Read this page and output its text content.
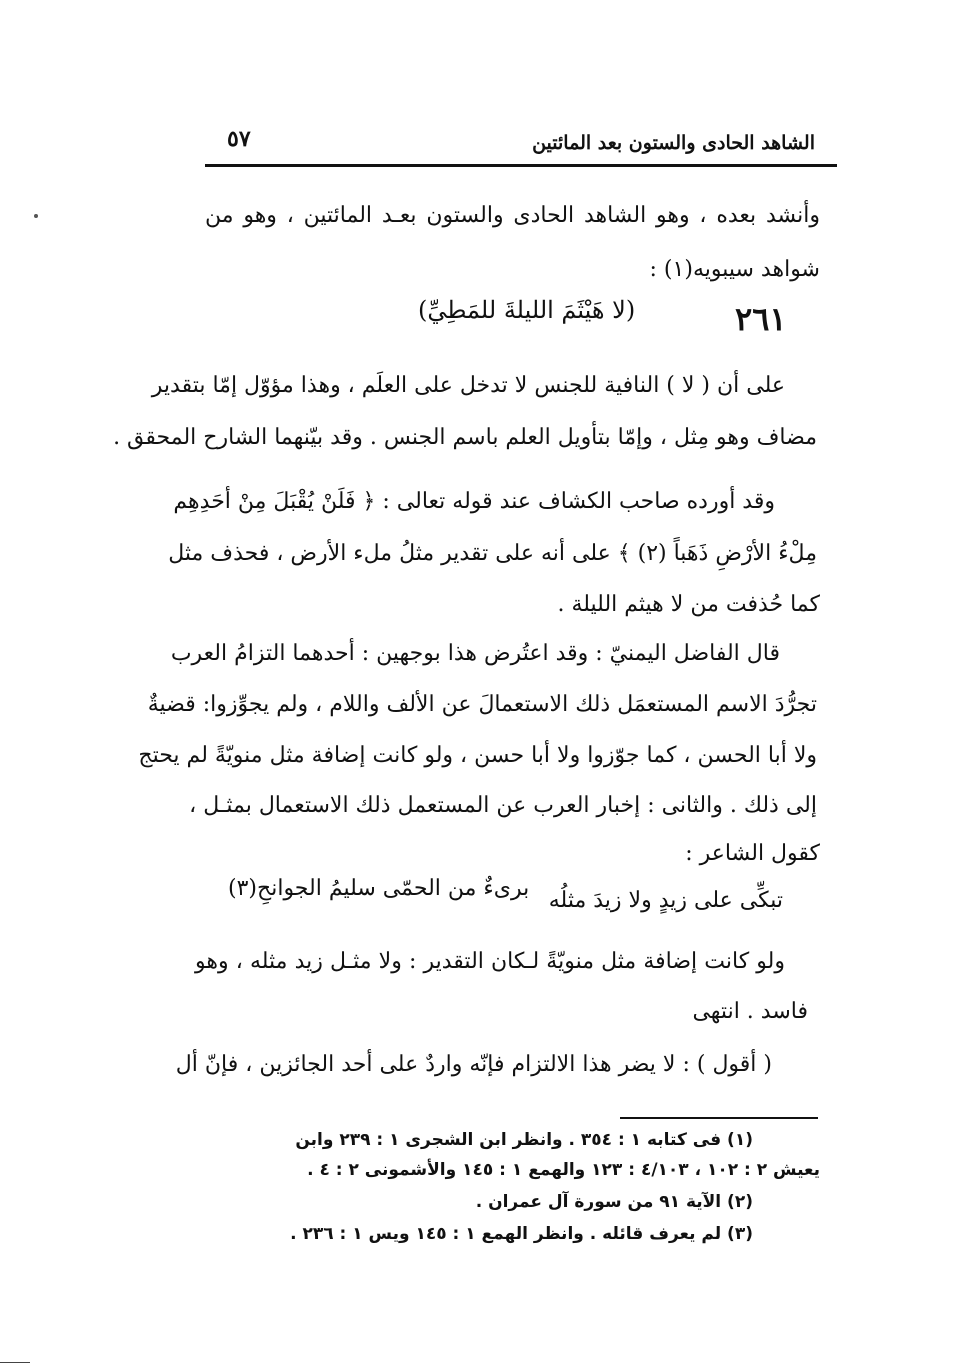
الشاهد الحادى والستون بعد المائتين
٥٧
وأنشد بعده ، وهو الشاهد الحادى والستون بعـد المائتين ، وهو من
شواهد سيبويه(١) :
(لا هَيْثَمَ الليلةَ للمَطِيِّ)	٢٦١
على أن ( لا ) النافية للجنس لا تدخل على العلَم ، وهذا مؤوّل إمّا بتقدير
مضاف وهو مِثل ، وإمّا بتأويل العلم باسم الجنس . وقد بيّنهما الشارح المحقق .
وقد أورده صاحب الكشاف عند قوله تعالى : ﴿ فَلَنْ يُقْبَلَ مِنْ أحَدِهِم
مِلْءُ الأرْضِ ذَهَباً (٢) ﴾ على أنه على تقدير مثلُ ملء الأرض ، فحذف مثل
كما حُذفت من لا هيثم الليلة .
قال الفاضل اليمنيّ : وقد اعتُرض هذا بوجهين : أحدهما التزامُ العرب
تجرُّدَ الاسم المستعمَل ذلك الاستعمالَ عن الألف واللام ، ولم يجوِّزوا: قضيةٌ
ولا أبا الحسن ، كما جوّزوا ولا أبا حسن ، ولو كانت إضافة مثل منويّةً لم يحتج
إلى ذلك . والثانى : إخبار العرب عن المستعمل ذلك الاستعمال بمثـل ،
كقول الشاعر :
تبكِّى على زيدٍ ولا زيدَ مثلُه
برىءٌ من الحمّى سليمُ الجوانحِ(٣)
ولو كانت إضافة مثل منويّةً لـكان التقدير : ولا مثـل زيد مثله ، وهو
فاسد . انتهى
( أقول ) : لا يضر هذا الالتزام فإنّه واردٌ على أحد الجائزين ، فإنّ أل
(١) فى كتابه ١ : ٣٥٤ . وانظر ابن الشجرى ١ : ٢٣٩ وابن
يعيش ٢ : ١٠٢ ، ٤/١٠٣ : ١٢٣ والهمع ١ : ١٤٥ والأشمونى ٢ : ٤ .
(٢) الآية ٩١ من سورة آل عمران .
(٣) لم يعرف قائله . وانظر الهمع ١ : ١٤٥ ويس ١ : ٢٣٦ .
